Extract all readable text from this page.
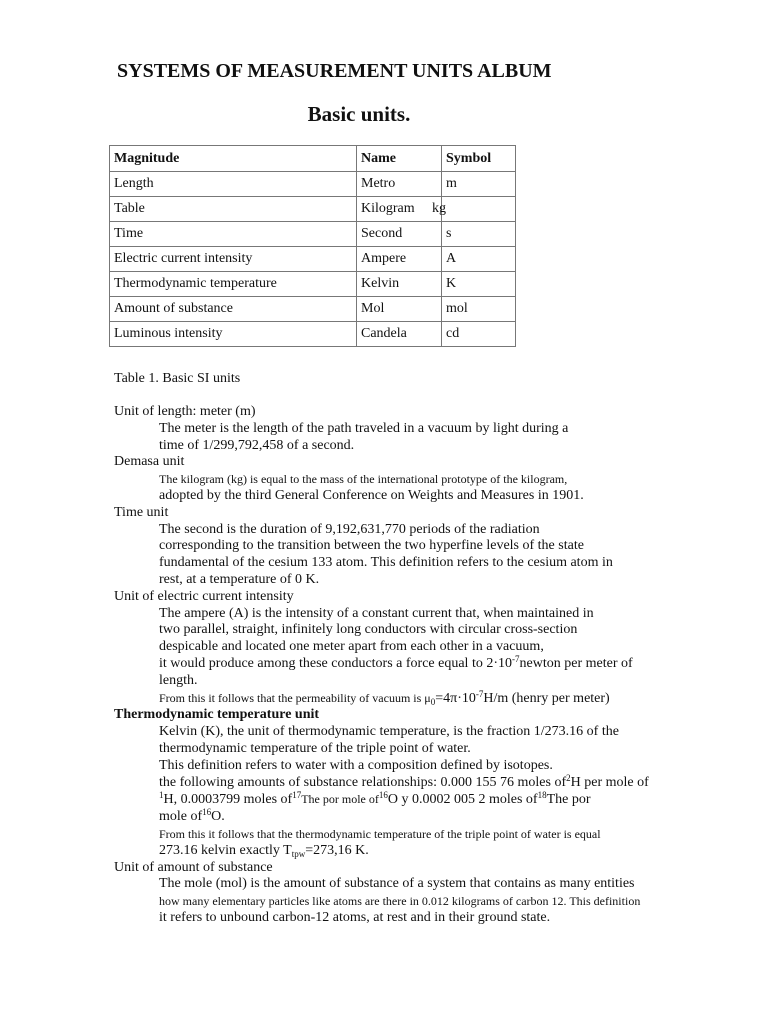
SYSTEMS OF MEASUREMENT UNITS ALBUM
Basic units.
Magnitude	Name	Symbol
Length	Metro	m
Table	Kilogram	kg
Time	Second	s
Electric current intensity	Ampere	A
Thermodynamic temperature	Kelvin	K
Amount of substance	Mol	mol
Luminous intensity	Candela	cd
Table 1. Basic SI units
Unit of length: meter (m)
The meter is the length of the path traveled in a vacuum by light during a
time of 1/299,792,458 of a second.
Demasa unit
The kilogram (kg) is equal to the mass of the international prototype of the kilogram,
adopted by the third General Conference on Weights and Measures in 1901.
Time unit
The second is the duration of 9,192,631,770 periods of the radiation
corresponding to the transition between the two hyperfine levels of the state
fundamental of the cesium 133 atom. This definition refers to the cesium atom in
rest, at a temperature of 0 K.
Unit of electric current intensity
The ampere (A) is the intensity of a constant current that, when maintained in
two parallel, straight, infinitely long conductors with circular cross-section
despicable and located one meter apart from each other in a vacuum,
it would produce among these conductors a force equal to $2\cdot 10^{-7}newton$ per meter of
length.
From this it follows that the permeability of vacuum is $\mu_0=4\pi\cdot 10^{-7}H/m$ (henry per meter)
Thermodynamic temperature unit
Kelvin (K), the unit of thermodynamic temperature, is the fraction 1/273.16 of the
thermodynamic temperature of the triple point of water.
This definition refers to water with a composition defined by isotopes.
the following amounts of substance relationships: 0.000 155 76 moles $of^2H$ per mole of
$^1$H, 0.0003799 moles $of^{17}The$ por mole $of^{16}O$ y 0.0002 005 2 moles $of^{18}The$ por
mole $of^{16}O$.
From this it follows that the thermodynamic temperature of the triple point of water is equal
273.16 kelvin exactly $T_{tpw}=273,16$ K.
Unit of amount of substance
The mole (mol) is the amount of substance of a system that contains as many entities
how many elementary particles like atoms are there in 0.012 kilograms of carbon 12. This definition
it refers to unbound carbon-12 atoms, at rest and in their ground state.
